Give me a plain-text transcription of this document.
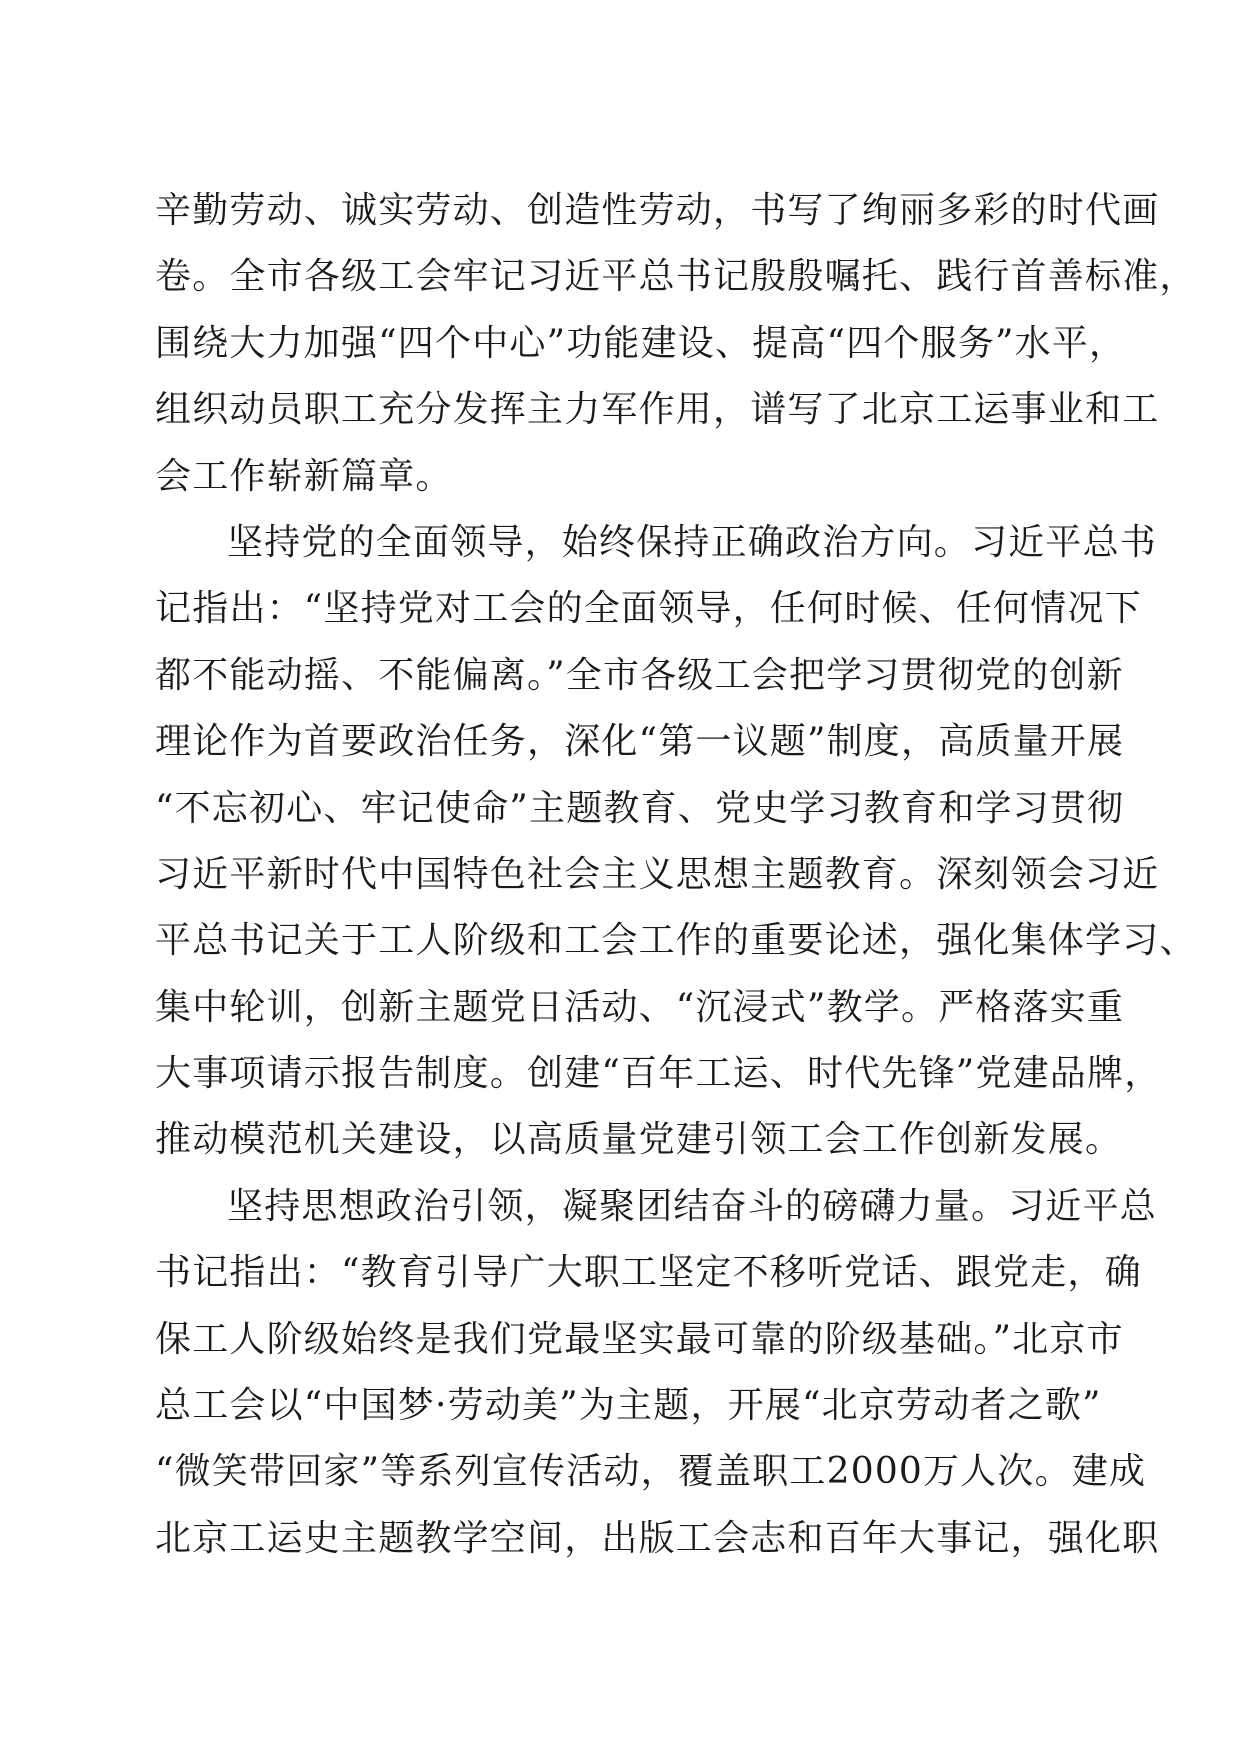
辛勤劳动、诚实劳动、创造性劳动，书写了绚丽多彩的时代画
卷。全市各级工会牢记习近平总书记殷殷嘱托、践行首善标准，
围绕大力加强“四个中心”功能建设、提高“四个服务”水平，
组织动员职工充分发挥主力军作用，谱写了北京工运事业和工
会工作崭新篇章。
坚持党的全面领导，始终保持正确政治方向。习近平总书
记指出：“坚持党对工会的全面领导，任何时候、任何情况下
都不能动摇、不能偏离。”全市各级工会把学习贯彻党的创新
理论作为首要政治任务，深化“第一议题”制度，高质量开展
“不忘初心、牢记使命”主题教育、党史学习教育和学习贯彻
习近平新时代中国特色社会主义思想主题教育。深刻领会习近
平总书记关于工人阶级和工会工作的重要论述，强化集体学习、
集中轮训，创新主题党日活动、“沉浸式”教学。严格落实重
大事项请示报告制度。创建“百年工运、时代先锋”党建品牌，
推动模范机关建设，以高质量党建引领工会工作创新发展。
坚持思想政治引领，凝聚团结奋斗的磅礴力量。习近平总
书记指出：“教育引导广大职工坚定不移听党话、跟党走，确
保工人阶级始终是我们党最坚实最可靠的阶级基础。”北京市
总工会以“中国梦·劳动美”为主题，开展“北京劳动者之歌”
“微笑带回家”等系列宣传活动，覆盖职工2000万人次。建成
北京工运史主题教学空间，出版工会志和百年大事记，强化职
